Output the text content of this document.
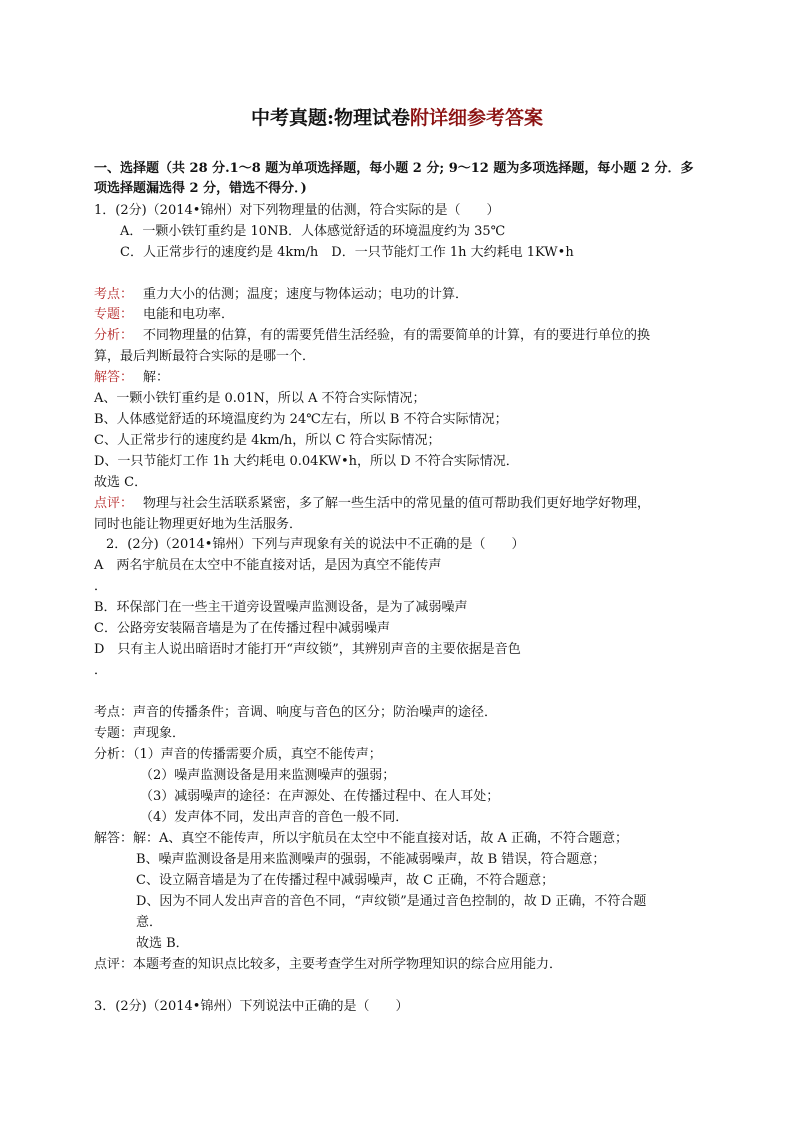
中考真题:物理试卷附详细参考答案
一、选择题（共 28 分.1～8 题为单项选择题，每小题 2 分; 9～12 题为多项选择题，每小题 2 分．多
项选择题漏选得 2 分，错选不得分．)
1．(2分)（2014•锦州）对下列物理量的估测，符合实际的是（　　）
A．一颗小铁钉重约是 10NB．人体感觉舒适的环境温度约为 35℃
C．人正常步行的速度约是 4km/h　D．一只节能灯工作 1h 大约耗电 1KW•h
考点： 重力大小的估测；温度；速度与物体运动；电功的计算．
专题： 电能和电功率．
分析： 不同物理量的估算，有的需要凭借生活经验，有的需要简单的计算，有的要进行单位的换
算，最后判断最符合实际的是哪一个．
解答： 解：
A、一颗小铁钉重约是 0.01N，所以 A 不符合实际情况；
B、人体感觉舒适的环境温度约为 24℃左右，所以 B 不符合实际情况；
C、人正常步行的速度约是 4km/h，所以 C 符合实际情况；
D、一只节能灯工作 1h 大约耗电 0.04KW•h，所以 D 不符合实际情况．
故选 C．
点评： 物理与社会生活联系紧密，多了解一些生活中的常见量的值可帮助我们更好地学好物理，
同时也能让物理更好地为生活服务．
2．(2分)（2014•锦州）下列与声现象有关的说法中不正确的是（　　）
A　两名宇航员在太空中不能直接对话，是因为真空不能传声
．
B．环保部门在一些主干道旁设置噪声监测设备，是为了减弱噪声
C．公路旁安装隔音墙是为了在传播过程中减弱噪声
D　只有主人说出暗语时才能打开“声纹锁”，其辨别声音的主要依据是音色
．
考点：声音的传播条件；音调、响度与音色的区分；防治噪声的途径．
专题：声现象．
分析：（1）声音的传播需要介质，真空不能传声；
（2）噪声监测设备是用来监测噪声的强弱；
（3）减弱噪声的途径：在声源处、在传播过程中、在人耳处；
（4）发声体不同，发出声音的音色一般不同．
解答：解：A、真空不能传声，所以宇航员在太空中不能直接对话，故 A 正确，不符合题意；
B、噪声监测设备是用来监测噪声的强弱，不能减弱噪声，故 B 错误，符合题意；
C、设立隔音墙是为了在传播过程中减弱噪声，故 C 正确，不符合题意；
D、因为不同人发出声音的音色不同，“声纹锁”是通过音色控制的，故 D 正确，不符合题
意．
故选 B．
点评：本题考查的知识点比较多，主要考查学生对所学物理知识的综合应用能力．
3．(2分)（2014•锦州）下列说法中正确的是（　　）
